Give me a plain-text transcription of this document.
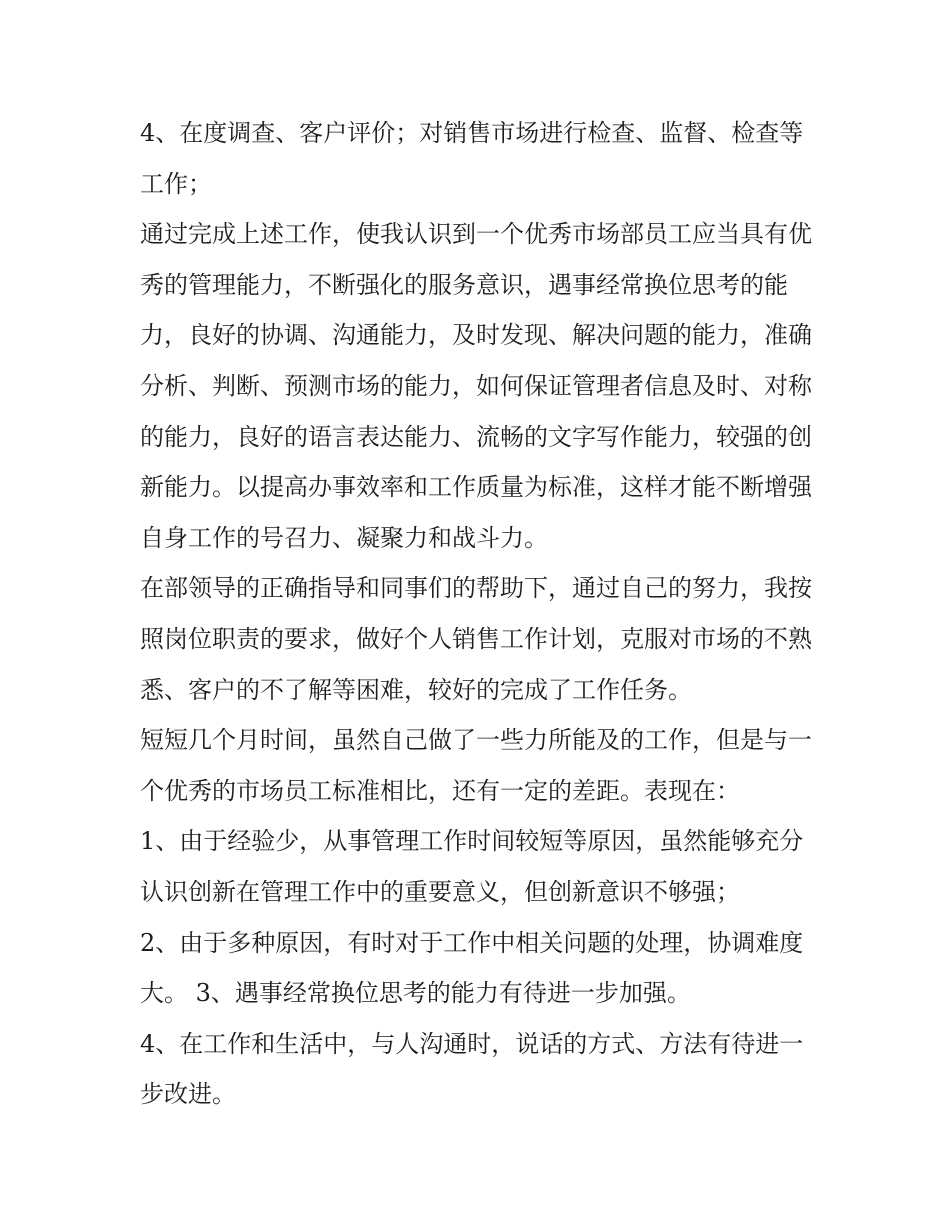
4、在度调查、客户评价；对销售市场进行检查、监督、检查等工作；

通过完成上述工作，使我认识到一个优秀市场部员工应当具有优秀的管理能力，不断强化的服务意识，遇事经常换位思考的能力，良好的协调、沟通能力，及时发现、解决问题的能力，准确分析、判断、预测市场的能力，如何保证管理者信息及时、对称的能力，良好的语言表达能力、流畅的文字写作能力，较强的创新能力。以提高办事效率和工作质量为标准，这样才能不断增强自身工作的号召力、凝聚力和战斗力。

在部领导的正确指导和同事们的帮助下，通过自己的努力，我按照岗位职责的要求，做好个人销售工作计划，克服对市场的不熟悉、客户的不了解等困难，较好的完成了工作任务。

短短几个月时间，虽然自己做了一些力所能及的工作，但是与一个优秀的市场员工标准相比，还有一定的差距。表现在：

1、由于经验少，从事管理工作时间较短等原因，虽然能够充分认识创新在管理工作中的重要意义，但创新意识不够强；

2、由于多种原因，有时对于工作中相关问题的处理，协调难度大。 3、遇事经常换位思考的能力有待进一步加强。

4、在工作和生活中，与人沟通时，说话的方式、方法有待进一步改进。
